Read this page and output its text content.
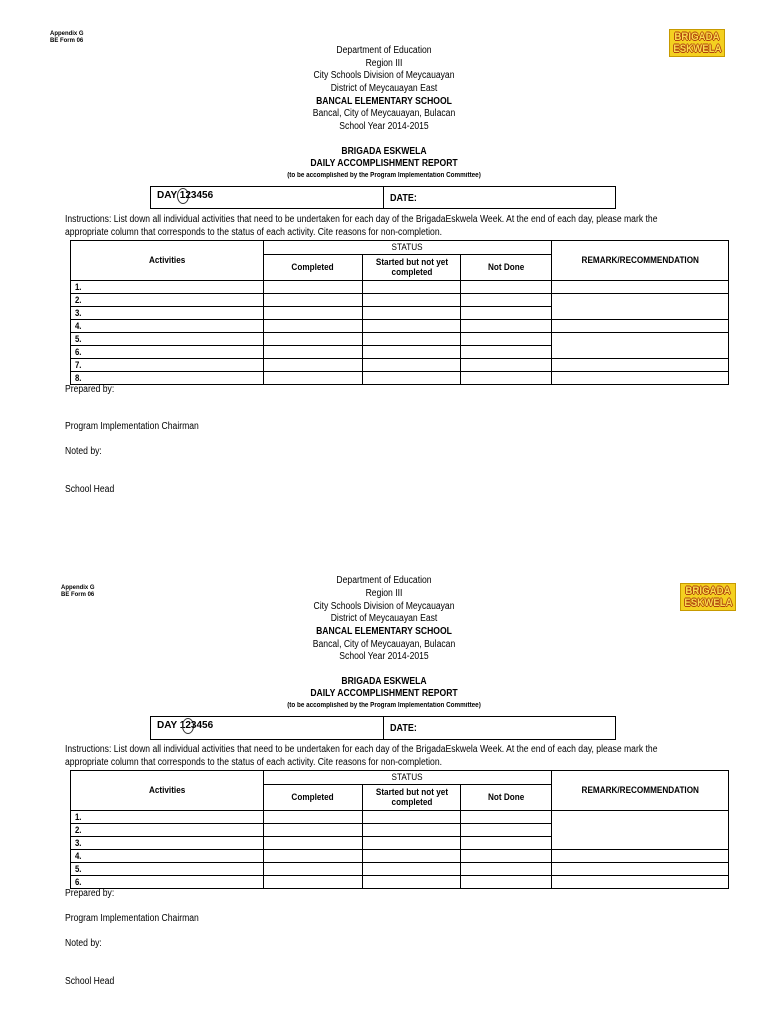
Appendix G
BE Form 06	BRIGADA
ESKWELA
Department of Education
Region III
City Schools Division of Meycauayan
District of Meycauayan East
BANCAL ELEMENTARY SCHOOL
Bancal, City of Meycauayan, Bulacan
School Year 2014-2015
BRIGADA ESKWELA
DAILY ACCOMPLISHMENT REPORT
(to be accomplished by the Program Implementation Committee)
DAY 123456	DATE:
Instructions: List down all individual activities that need to be undertaken for each day of the BrigadaEskwela Week. At the end of each day, please mark the
appropriate column that corresponds to the status of each activity. Cite reasons for non-completion.
Activities	STATUS			REMARK/RECOMMENDATION
	Completed	Started but not yet
completed	Not Done	
1.				
2.				
3.				
4.				
5.				
6.				
7.				
8.				
Prepared by:
Program Implementation Chairman
Noted by:
School Head
Appendix G
BE Form 06	BRIGADA
ESKWELA
Department of Education
Region III
City Schools Division of Meycauayan
District of Meycauayan East
BANCAL ELEMENTARY SCHOOL
Bancal, City of Meycauayan, Bulacan
School Year 2014-2015
BRIGADA ESKWELA
DAILY ACCOMPLISHMENT REPORT
(to be accomplished by the Program Implementation Committee)
DAY 123456	DATE:
Instructions: List down all individual activities that need to be undertaken for each day of the BrigadaEskwela Week. At the end of each day, please mark the
appropriate column that corresponds to the status of each activity. Cite reasons for non-completion.
Activities	STATUS			REMARK/RECOMMENDATION
	Completed	Started but not yet
completed	Not Done	
1.				
2.				
3.				
4.				
5.				
6.				
Prepared by:
Program Implementation Chairman
Noted by:
School Head
